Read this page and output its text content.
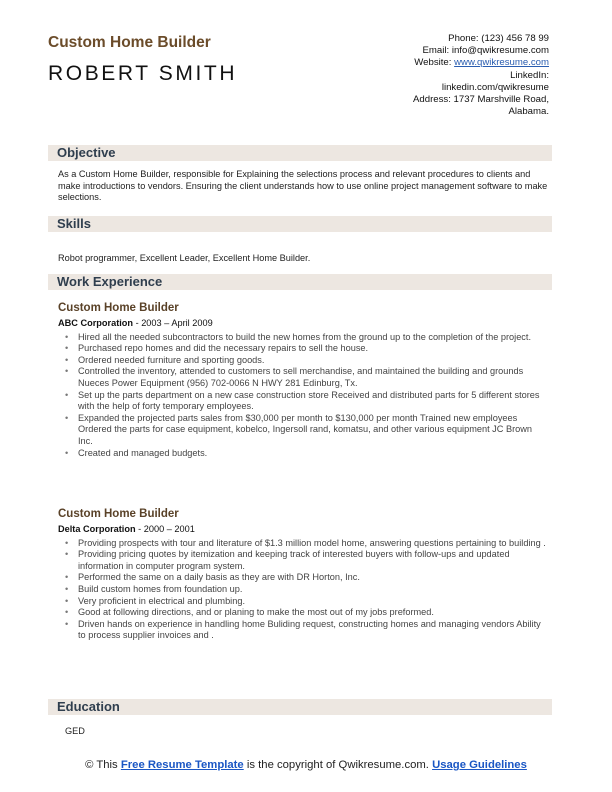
Custom Home Builder
ROBERT SMITH
Phone: (123) 456 78 99
Email: info@qwikresume.com
Website: www.qwikresume.com
LinkedIn:
linkedin.com/qwikresume
Address: 1737 Marshville Road,
Alabama.
Objective
As a Custom Home Builder, responsible for Explaining the selections process and relevant procedures to clients and make introductions to vendors. Ensuring the client understands how to use online project management software to make selections.
Skills
Robot programmer, Excellent Leader, Excellent Home Builder.
Work Experience
Custom Home Builder
ABC Corporation - 2003 – April 2009
• Hired all the needed subcontractors to build the new homes from the ground up to the completion of the project.
• Purchased repo homes and did the necessary repairs to sell the house.
• Ordered needed furniture and sporting goods.
• Controlled the inventory, attended to customers to sell merchandise, and maintained the building and grounds Nueces Power Equipment (956) 702-0066 N HWY 281 Edinburg, Tx.
• Set up the parts department on a new case construction store Received and distributed parts for 5 different stores with the help of forty temporary employees.
• Expanded the projected parts sales from $30,000 per month to $130,000 per month Trained new employees Ordered the parts for case equipment, kobelco, Ingersoll rand, komatsu, and other various equipment JC Brown Inc.
• Created and managed budgets.
Custom Home Builder
Delta Corporation - 2000 – 2001
• Providing prospects with tour and literature of $1.3 million model home, answering questions pertaining to building .
• Providing pricing quotes by itemization and keeping track of interested buyers with follow-ups and updated information in computer program system.
• Performed the same on a daily basis as they are with DR Horton, Inc.
• Build custom homes from foundation up.
• Very proficient in electrical and plumbing.
• Good at following directions, and or planing to make the most out of my jobs preformed.
• Driven hands on experience in handling home Buliding request, constructing homes and managing vendors Ability to process supplier invoices and .
Education
GED
© This Free Resume Template is the copyright of Qwikresume.com. Usage Guidelines
